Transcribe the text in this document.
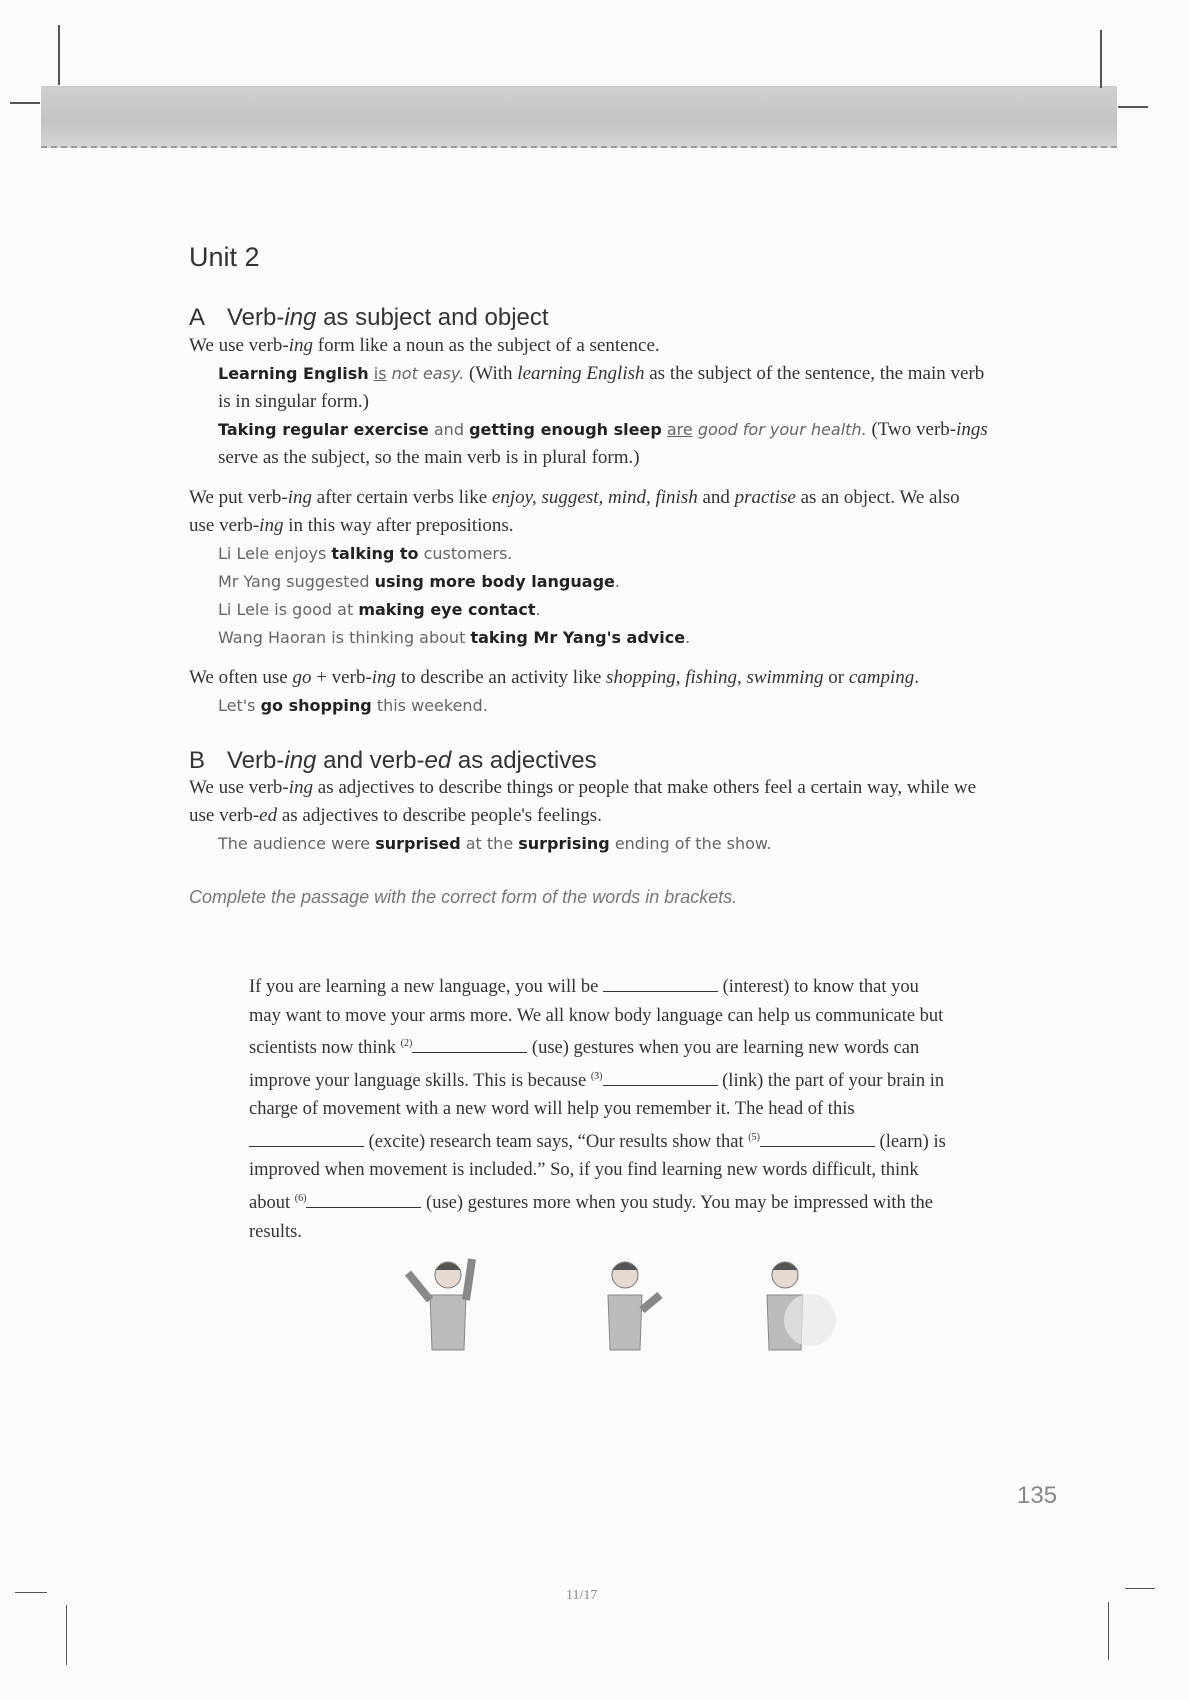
Unit 2
A Verb-ing as subject and object
We use verb-ing form like a noun as the subject of a sentence.
Learning English is not easy. (With learning English as the subject of the sentence, the main verb is in singular form.)
Taking regular exercise and getting enough sleep are good for your health. (Two verb-ings serve as the subject, so the main verb is in plural form.)
We put verb-ing after certain verbs like enjoy, suggest, mind, finish and practise as an object. We also use verb-ing in this way after prepositions.
Li Lele enjoys talking to customers.
Mr Yang suggested using more body language.
Li Lele is good at making eye contact.
Wang Haoran is thinking about taking Mr Yang's advice.
We often use go + verb-ing to describe an activity like shopping, fishing, swimming or camping.
Let's go shopping this weekend.
B Verb-ing and verb-ed as adjectives
We use verb-ing as adjectives to describe things or people that make others feel a certain way, while we use verb-ed as adjectives to describe people's feelings.
The audience were surprised at the surprising ending of the show.
Complete the passage with the correct form of the words in brackets.
If you are learning a new language, you will be	(interest) to know that you may want to move your arms more. We all know body language can help us communicate but scientists now think $^{(2)}$	(use) gestures when you are learning new words can improve your language skills. This is because $^{(3)}$	(link) the part of your brain in charge of movement with a new word will help you remember it. The head of this  (excite) research team says, “Our results show that $^{(5)}$	(learn) is improved when movement is included.” So, if you find learning new words difficult, think about $^{(6)}$	(use) gestures more when you study. You may be impressed with the results.
135
11/17
